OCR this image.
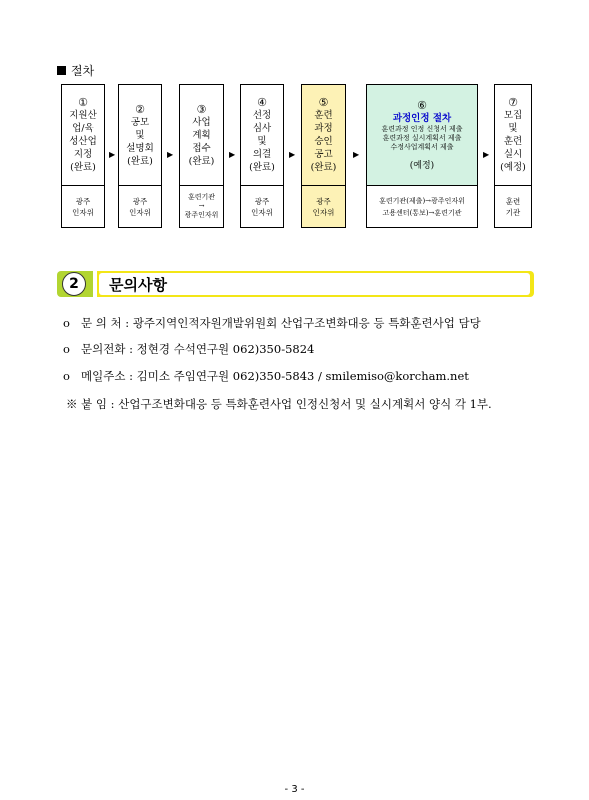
절차
①
지원산
업/육
성산업
지정
(완료)
광주
인자위
▶
②
공모
및
설명회
(완료)
광주
인자위
▶
③
사업
계획
접수
(완료)
훈련기관
→
광주인자위
▶
④
선정
심사
및
의결
(완료)
광주
인자위
▶
⑤
훈련
과정
승인
공고
(완료)
광주
인자위
▶
⑥
과정인정 절차
훈련과정 인정 신청서 제출
훈련과정 실시계획서 제출
수정사업계획서 제출
(예정)
훈련기관(제출)→광주인자위
고용센터(통보)→훈련기관
▶
⑦
모집
및
훈련
실시
(예정)
훈련
기관
2	문의사항
o 문 의 처 : 광주지역인적자원개발위원회 산업구조변화대응 등 특화훈련사업 담당
o 문의전화 : 정현경 수석연구원 062)350-5824
o 메일주소 : 김미소 주임연구원 062)350-5843 / smilemiso@korcham.net
※ 붙 임 : 산업구조변화대응 등 특화훈련사업 인정신청서 및 실시계획서 양식 각 1부.
- 3 -
